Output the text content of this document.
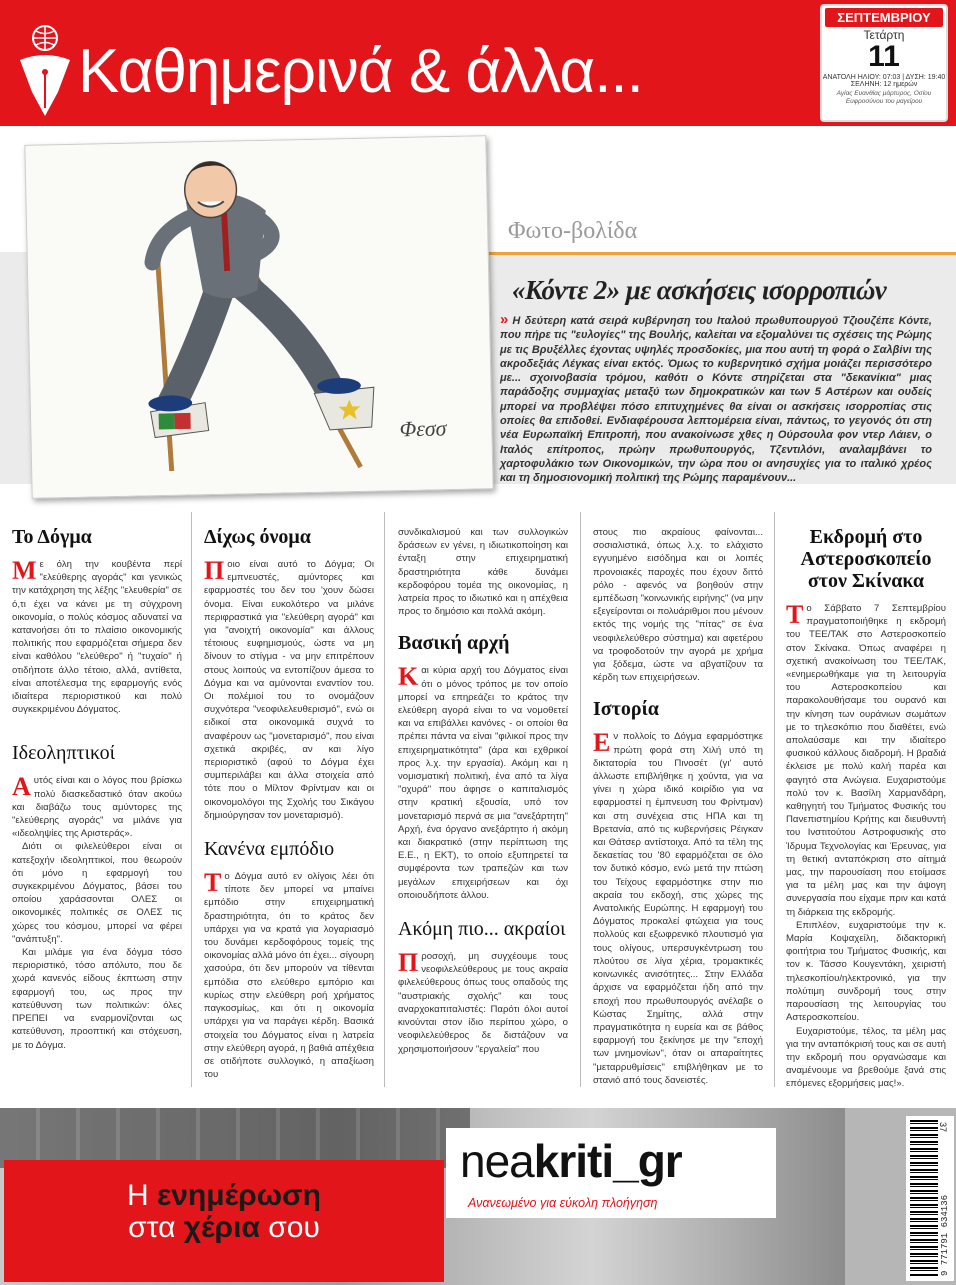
Καθημερινά & άλλα...
ΣΕΠΤΕΜΒΡΙΟΥ
Τετάρτη
11
ΑΝΑΤΟΛΗ ΗΛΙΟΥ: 07:03 | ΔΥΣΗ: 19:40
ΣΕΛΗΝΗ: 12 ημερών
Αγίας Ευανθίας μάρτυρος, Οσίου Ευφροσύνου του μαγείρου
Φεσσ
Φωτο-βολίδα
«Κόντε 2» με ασκήσεις ισορροπιών
» Η δεύτερη κατά σειρά κυβέρνηση του Ιταλού πρωθυπουργού Τζιουζέπε Κόντε, που πήρε τις "ευλογίες" της Βουλής, καλείται να εξομαλύνει τις σχέσεις της Ρώμης με τις Βρυξέλλες έχοντας υψηλές προσδοκίες, μια που αυτή τη φορά ο Σαλβίνι της ακροδεξιάς Λέγκας είναι εκτός. Όμως το κυβερνητικό σχήμα μοιάζει περισσότερο με... σχοινοβασία τρόμου, καθότι ο Κόντε στηρίζεται στα "δεκανίκια" μιας παράδοξης συμμαχίας μεταξύ των δημοκρατικών και των 5 Αστέρων και ουδείς μπορεί να προβλέψει πόσο επιτυχημένες θα είναι οι ασκήσεις ισορροπίας στις οποίες θα επιδοθεί. Ενδιαφέρουσα λεπτομέρεια είναι, πάντως, το γεγονός ότι στη νέα Ευρωπαϊκή Επιτροπή, που ανακοίνωσε χθες η Ούρσουλα φον ντερ Λάιεν, ο Ιταλός επίτροπος, πρώην πρωθυπουργός, Τζεντιλόνι, αναλαμβάνει το χαρτοφυλάκιο των Οικονομικών, την ώρα που οι ανησυχίες για το ιταλικό χρέος και τη δημοσιονομική πολιτική της Ρώμης παραμένουν...
Το Δόγμα

Με όλη την κουβέντα περί "ελεύθερης αγοράς" και γενικώς την κατάχρηση της λέξης "ελευθερία" σε ό,τι έχει να κάνει με τη σύγχρονη οικονομία, ο πολύς κόσμος αδυνατεί να κατανοήσει ότι το πλαίσιο οικονομικής πολιτικής που εφαρμόζεται σήμερα δεν είναι καθόλου "ελεύθερο" ή "τυχαίο" ή οτιδήποτε άλλο τέτοιο, αλλά, αντίθετα, είναι αποτέλεσμα της εφαρμογής ενός ιδιαίτερα περιοριστικού και πολύ συγκεκριμένου Δόγματος.

Ιδεοληπτικοί

Αυτός είναι και ο λόγος που βρίσκω πολύ διασκεδαστικό όταν ακούω και διαβάζω τους αμύντορες της "ελεύθερης αγοράς" να μιλάνε για «ιδεοληψίες της Αριστεράς».

Διότι οι φιλελεύθεροι είναι οι κατεξοχήν ιδεοληπτικοί, που θεωρούν ότι μόνο η εφαρμογή του συγκεκριμένου Δόγματος, βάσει του οποίου χαράσσονται ΟΛΕΣ οι οικονομικές πολιτικές σε ΟΛΕΣ τις χώρες του κόσμου, μπορεί να φέρει "ανάπτυξη".

Και μιλάμε για ένα δόγμα τόσο περιοριστικό, τόσο απόλυτο, που δε χωρά κανενός είδους έκπτωση στην εφαρμογή του, ως προς την κατεύθυνση των πολιτικών: όλες ΠΡΕΠΕΙ να εναρμονίζονται ως κατεύθυνση, προοπτική και στόχευση, με το Δόγμα.

Δίχως όνομα

Ποιο είναι αυτό το Δόγμα; Οι εμπνευστές, αμύντορες και εφαρμοστές του δεν του 'χουν δώσει όνομα. Είναι ευκολότερο να μιλάνε περιφραστικά για "ελεύθερη αγορά" και για "ανοιχτή οικονομία" και άλλους τέτοιους ευφημισμούς, ώστε να μη δίνουν το στίγμα - να μην επιτρέπουν στους λοιπούς να εντοπίζουν άμεσα το Δόγμα και να αμύνονται εναντίον του. Οι πολέμιοί του το ονομάζουν συχνότερα "νεοφιλελευθερισμό", ενώ οι ειδικοί στα οικονομικά συχνά το αναφέρουν ως "μονεταρισμό", που είναι σχετικά ακριβές, αν και λίγο περιοριστικό (αφού το Δόγμα έχει συμπεριλάβει και άλλα στοιχεία από τότε που ο Μίλτον Φρίντμαν και οι οικονομολόγοι της Σχολής του Σικάγου δημιούργησαν τον μονεταρισμό).

Κανένα εμπόδιο

Το Δόγμα αυτό εν ολίγοις λέει ότι τίποτε δεν μπορεί να μπαίνει εμπόδιο στην επιχειρηματική δραστηριότητα, ότι το κράτος δεν υπάρχει για να κρατά για λογαριασμό του δυνάμει κερδοφόρους τομείς της οικονομίας αλλά μόνο ότι έχει... σίγουρη χασούρα, ότι δεν μπορούν να τίθενται εμπόδια στο ελεύθερο εμπόριο και κυρίως στην ελεύθερη ροή χρήματος παγκοσμίως, και ότι η οικονομία υπάρχει για να παράγει κέρδη. Βασικά στοιχεία του Δόγματος είναι η λατρεία στην ελεύθερη αγορά, η βαθιά απέχθεια σε οτιδήποτε συλλογικό, η απαξίωση του

συνδικαλισμού και των συλλογικών δράσεων εν γένει, η ιδιωτικοποίηση και ένταξη στην επιχειρηματική δραστηριότητα κάθε δυνάμει κερδοφόρου τομέα της οικονομίας, η λατρεία προς το ιδιωτικό και η απέχθεια προς το δημόσιο και πολλά ακόμη.

Βασική αρχή

Και κύρια αρχή του Δόγματος είναι ότι ο μόνος τρόπος με τον οποίο μπορεί να επηρεάζει το κράτος την ελεύθερη αγορά είναι το να νομοθετεί και να επιβάλλει κανόνες - οι οποίοι θα πρέπει πάντα να είναι "φιλικοί προς την επιχειρηματικότητα" (άρα και εχθρικοί προς λ.χ. την εργασία). Ακόμη και η νομισματική πολιτική, ένα από τα λίγα "οχυρά" που άφησε ο καπιταλισμός στην κρατική εξουσία, υπό τον μονεταρισμό περνά σε μια "ανεξάρτητη" Αρχή, ένα όργανο ανεξάρτητο ή ακόμη και διακρατικό (στην περίπτωση της Ε.Ε., η ΕΚΤ), το οποίο εξυπηρετεί τα συμφέροντα των τραπεζών και των μεγάλων επιχειρήσεων και όχι οποιουδήποτε άλλου.

Ακόμη πιο... ακραίοι

Προσοχή, μη συγχέουμε τους νεοφιλελεύθερους με τους ακραία φιλελεύθερους όπως τους οπαδούς της "αυστριακής σχολής" και τους αναρχοκαπιταλιστές: Παρότι όλοι αυτοί κινούνται στον ίδιο περίπου χώρο, ο νεοφιλελεύθερος δε διστάζουν να χρησιμοποιήσουν "εργαλεία" που

στους πιο ακραίους φαίνονται... σοσιαλιστικά, όπως λ.χ. το ελάχιστο εγγυημένο εισόδημα και οι λοιπές προνοιακές παροχές που έχουν διττό ρόλο - αφενός να βοηθούν στην εμπέδωση "κοινωνικής ειρήνης" (να μην εξεγείρονται οι πολυάριθμοι που μένουν εκτός της νομής της "πίτας" σε ένα νεοφιλελεύθερο σύστημα) και αφετέρου να τροφοδοτούν την αγορά με χρήμα για ξόδεμα, ώστε να αβγατίζουν τα κέρδη των επιχειρήσεων.

Ιστορία

Εν πολλοίς το Δόγμα εφαρμόστηκε πρώτη φορά στη Χιλή υπό τη δικτατορία του Πινοσέτ (γι' αυτό άλλωστε επιβλήθηκε η χούντα, για να γίνει η χώρα ιδικό κοιρίδιο για να εφαρμοστεί η έμπνευση του Φρίντμαν) και στη συνέχεια στις ΗΠΑ και τη Βρετανία, από τις κυβερνήσεις Ρέιγκαν και Θάτσερ αντίστοιχα. Από τα τέλη της δεκαετίας του '80 εφαρμόζεται σε όλο τον δυτικό κόσμο, ενώ μετά την πτώση του Τείχους εφαρμόστηκε στην πιο ακραία του εκδοχή, στις χώρες της Ανατολικής Ευρώπης. Η εφαρμογή του Δόγματος προκαλεί φτώχεια για τους πολλούς και εξωφρενικό πλουτισμό για τους ολίγους, υπερσυγκέντρωση του πλούτου σε λίγα χέρια, τρομακτικές κοινωνικές ανισότητες... Στην Ελλάδα άρχισε να εφαρμόζεται ήδη από την εποχή που πρωθυπουργός ανέλαβε ο Κώστας Σημίτης, αλλά στην πραγματικότητα η ευρεία και σε βάθος εφαρμογή του ξεκίνησε με την "εποχή των μνημονίων", όταν οι απαραίτητες "μεταρρυθμίσεις" επιβλήθηκαν με το στανιό από τους δανειστές.

Εκδρομή στο Αστεροσκοπείο στον Σκίνακα

Το Σάββατο 7 Σεπτεμβρίου πραγματοποιήθηκε η εκδρομή του ΤΕΕ/ΤΑΚ στο Αστεροσκοπείο στον Σκίνακα. Όπως αναφέρει η σχετική ανακοίνωση του ΤΕΕ/ΤΑΚ, «ενημερωθήκαμε για τη λειτουργία του Αστεροσκοπείου και παρακολουθήσαμε του ουρανό και την κίνηση των ουράνιων σωμάτων με το τηλεσκόπιο που διαθέτει, ενώ απολαύσαμε και την ιδιαίτερο φυσικού κάλλους διαδρομή. Η βραδιά έκλεισε με πολύ καλή παρέα και φαγητό στα Ανώγεια. Ευχαριστούμε πολύ τον κ. Βασίλη Χαρμανδάρη, καθηγητή του Τμήματος Φυσικής του Πανεπιστημίου Κρήτης και διευθυντή του Ινστιτούτου Αστροφυσικής στο Ίδρυμα Τεχνολογίας και Έρευνας, για τη θετική ανταπόκριση στο αίτημά μας, την παρουσίαση που ετοίμασε για τα μέλη μας και την άψογη συνεργασία που είχαμε πριν και κατά τη διάρκεια της εκδρομής.

Επιπλέον, ευχαριστούμε την κ. Μαρία Κοψαχείλη, διδακτορική φοιτήτρια του Τμήματος Φυσικής, και τον κ. Τάσσο Κουγεντάκη, χειριστή τηλεσκοπίου/ηλεκτρονικό, για την πολύτιμη συνδρομή τους στην παρουσίαση της λειτουργίας του Αστεροσκοπείου.

Ευχαριστούμε, τέλος, τα μέλη μας για την ανταπόκρισή τους και σε αυτή την εκδρομή που οργανώσαμε και αναμένουμε να βρεθούμε ξανά στις επόμενες εξορμήσεις μας!».

Η ενημέρωση
στα χέρια σου
neakriti_gr
Ανανεωμένο για εύκολη πλοήγηση
37
9 771791 634136
